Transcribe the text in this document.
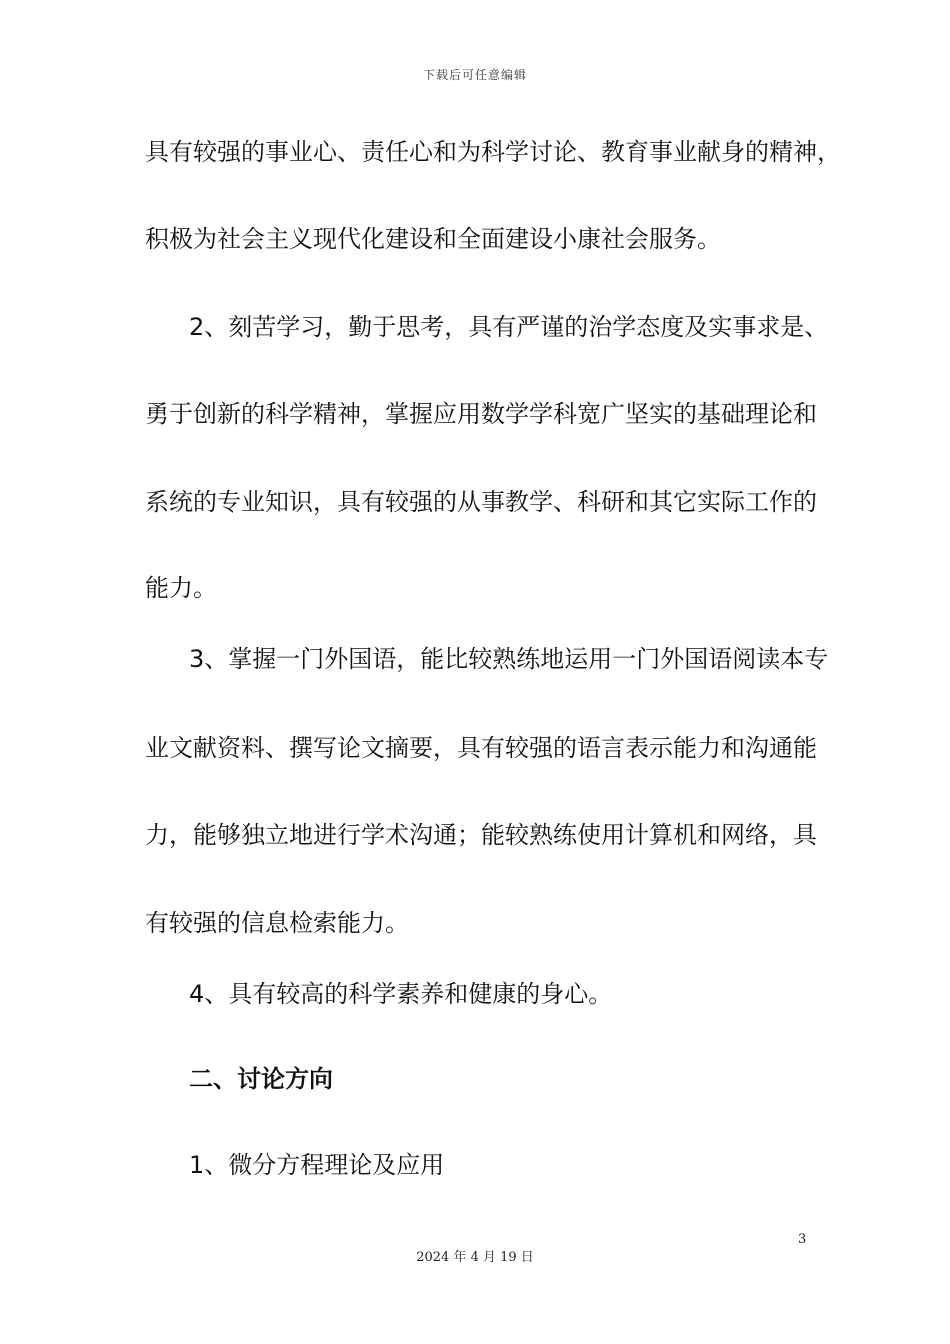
下载后可任意编辑
具有较强的事业心、责任心和为科学讨论、教育事业献身的精神，
积极为社会主义现代化建设和全面建设小康社会服务。
2、刻苦学习，勤于思考，具有严谨的治学态度及实事求是、
勇于创新的科学精神，掌握应用数学学科宽广坚实的基础理论和
系统的专业知识，具有较强的从事教学、科研和其它实际工作的
能力。
3、掌握一门外国语，能比较熟练地运用一门外国语阅读本专
业文献资料、撰写论文摘要，具有较强的语言表示能力和沟通能
力，能够独立地进行学术沟通；能较熟练使用计算机和网络，具
有较强的信息检索能力。
4、具有较高的科学素养和健康的身心。
二、讨论方向
1、微分方程理论及应用
3
2024 年 4 月 19 日
